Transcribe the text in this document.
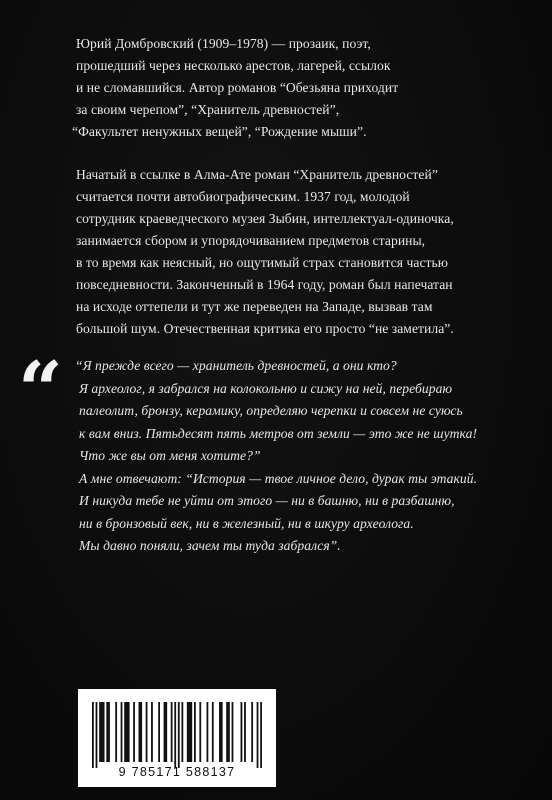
Юрий Домбровский (1909–1978) — прозаик, поэт,
прошедший через несколько арестов, лагерей, ссылок
и не сломавшийся. Автор романов “Обезьяна приходит
за своим черепом”, “Хранитель древностей”,
“Факультет ненужных вещей”, “Рождение мыши”.
Начатый в ссылке в Алма-Ате роман “Хранитель древностей”
считается почти автобиографическим. 1937 год, молодой
сотрудник краеведческого музея Зыбин, интеллектуал-одиночка,
занимается сбором и упорядочиванием предметов старины,
в то время как неясный, но ощутимый страх становится частью
повседневности. Законченный в 1964 году, роман был напечатан
на исходе оттепели и тут же переведен на Западе, вызвав там
большой шум. Отечественная критика его просто “не заметила”.
“ “Я прежде всего — хранитель древностей, а они кто?
Я археолог, я забрался на колокольню и сижу на ней, перебираю
палеолит, бронзу, керамику, определяю черепки и совсем не суюсь
к вам вниз. Пятьдесят пять метров от земли — это же не шутка!
Что же вы от меня хотите?”
А мне отвечают: “История — твое личное дело, дурак ты этакий.
И никуда тебе не уйти от этого — ни в башню, ни в разбашню,
ни в бронзовый век, ни в железный, ни в шкуру археолога.
Мы давно поняли, зачем ты туда забрался”.
9 785171 588137
